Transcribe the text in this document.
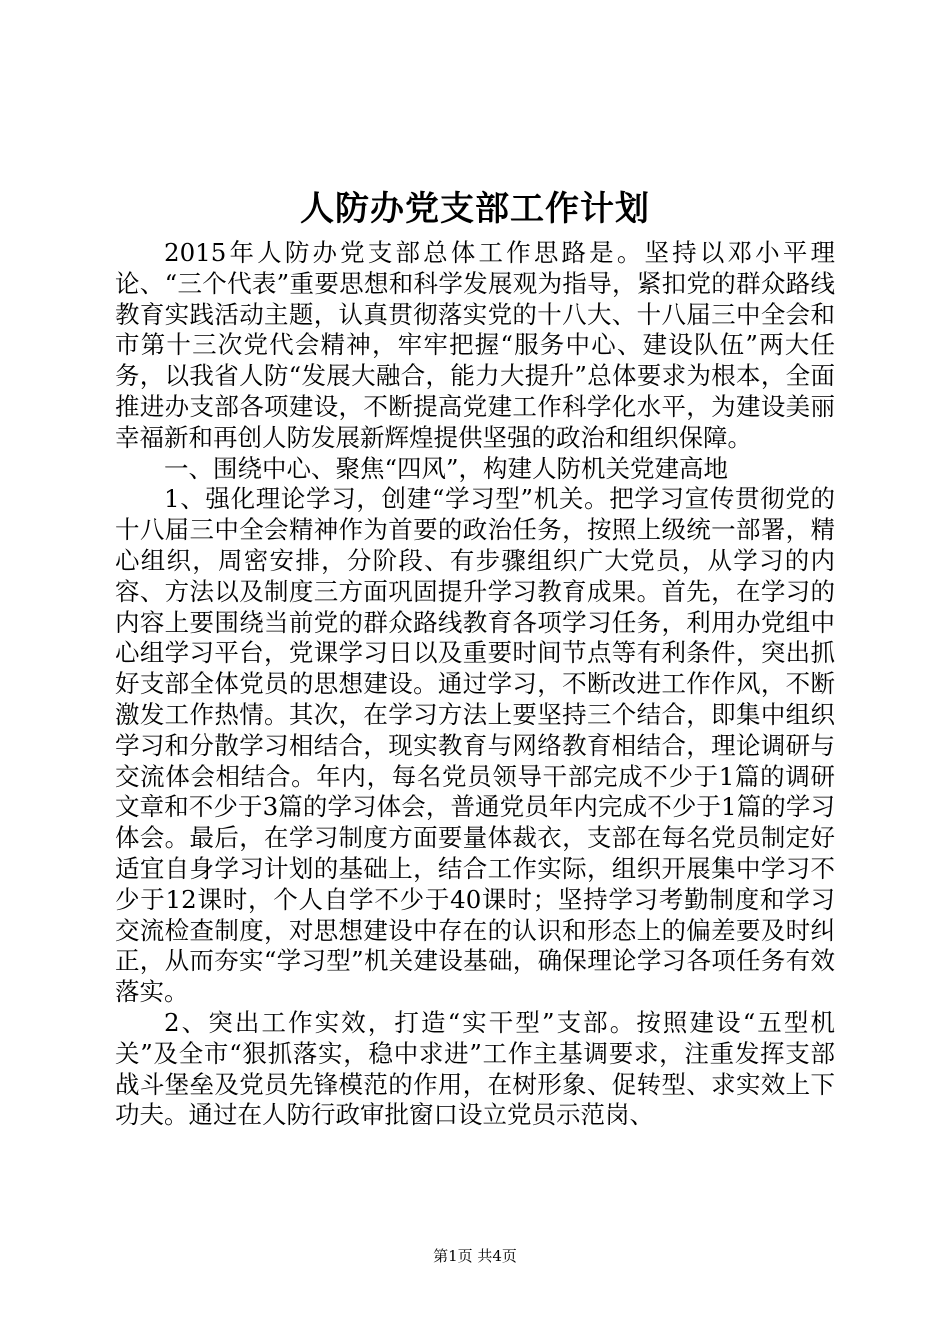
人防办党支部工作计划

2015年人防办党支部总体工作思路是。坚持以邓小平理论、“三个代表”重要思想和科学发展观为指导，紧扣党的群众路线教育实践活动主题，认真贯彻落实党的十八大、十八届三中全会和市第十三次党代会精神，牢牢把握“服务中心、建设队伍”两大任务，以我省人防“发展大融合，能力大提升”总体要求为根本，全面推进办支部各项建设，不断提高党建工作科学化水平，为建设美丽幸福新和再创人防发展新辉煌提供坚强的政治和组织保障。

一、围绕中心、聚焦“四风”，构建人防机关党建高地

1、强化理论学习，创建“学习型”机关。把学习宣传贯彻党的十八届三中全会精神作为首要的政治任务，按照上级统一部署，精心组织，周密安排，分阶段、有步骤组织广大党员，从学习的内容、方法以及制度三方面巩固提升学习教育成果。首先，在学习的内容上要围绕当前党的群众路线教育各项学习任务，利用办党组中心组学习平台，党课学习日以及重要时间节点等有利条件，突出抓好支部全体党员的思想建设。通过学习，不断改进工作作风，不断激发工作热情。其次，在学习方法上要坚持三个结合，即集中组织学习和分散学习相结合，现实教育与网络教育相结合，理论调研与交流体会相结合。年内，每名党员领导干部完成不少于1篇的调研文章和不少于3篇的学习体会，普通党员年内完成不少于1篇的学习体会。最后，在学习制度方面要量体裁衣，支部在每名党员制定好适宜自身学习计划的基础上，结合工作实际，组织开展集中学习不少于12课时，个人自学不少于40课时；坚持学习考勤制度和学习交流检查制度，对思想建设中存在的认识和形态上的偏差要及时纠正，从而夯实“学习型”机关建设基础，确保理论学习各项任务有效落实。

2、突出工作实效，打造“实干型”支部。按照建设“五型机关”及全市“狠抓落实，稳中求进”工作主基调要求，注重发挥支部战斗堡垒及党员先锋模范的作用，在树形象、促转型、求实效上下功夫。通过在人防行政审批窗口设立党员示范岗、

第1页 共4页
